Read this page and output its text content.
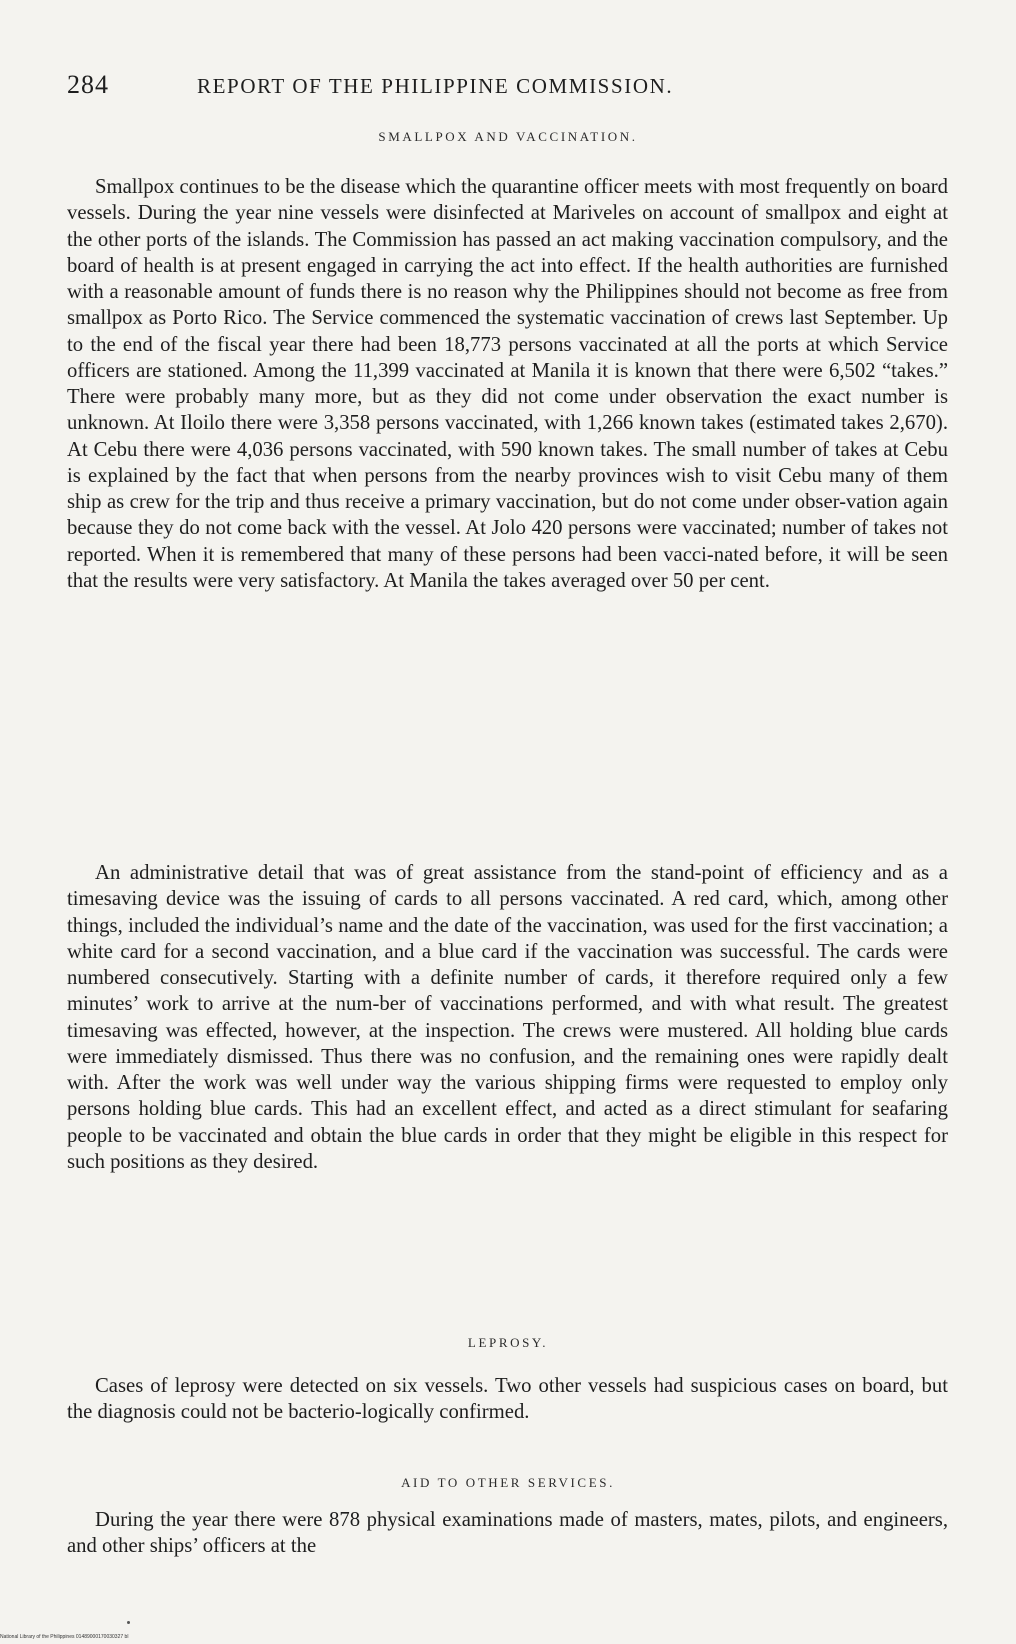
284	REPORT OF THE PHILIPPINE COMMISSION.
SMALLPOX AND VACCINATION.

Smallpox continues to be the disease which the quarantine officer meets with most frequently on board vessels. During the year nine vessels were disinfected at Mariveles on account of smallpox and eight at the other ports of the islands. The Commission has passed an act making vaccination compulsory, and the board of health is at present engaged in carrying the act into effect. If the health authorities are furnished with a reasonable amount of funds there is no reason why the Philippines should not become as free from smallpox as Porto Rico. The Service commenced the systematic vaccination of crews last September. Up to the end of the fiscal year there had been 18,773 persons vaccinated at all the ports at which Service officers are stationed. Among the 11,399 vaccinated at Manila it is known that there were 6,502 “takes.” There were probably many more, but as they did not come under observation the exact number is unknown. At Iloilo there were 3,358 persons vaccinated, with 1,266 known takes (estimated takes 2,670). At Cebu there were 4,036 persons vaccinated, with 590 known takes. The small number of takes at Cebu is explained by the fact that when persons from the nearby provinces wish to visit Cebu many of them ship as crew for the trip and thus receive a primary vaccination, but do not come under obser-vation again because they do not come back with the vessel. At Jolo 420 persons were vaccinated; number of takes not reported. When it is remembered that many of these persons had been vacci-nated before, it will be seen that the results were very satisfactory. At Manila the takes averaged over 50 per cent.

An administrative detail that was of great assistance from the stand-point of efficiency and as a timesaving device was the issuing of cards to all persons vaccinated. A red card, which, among other things, included the individual’s name and the date of the vaccination, was used for the first vaccination; a white card for a second vaccination, and a blue card if the vaccination was successful. The cards were numbered consecutively. Starting with a definite number of cards, it therefore required only a few minutes’ work to arrive at the num-ber of vaccinations performed, and with what result. The greatest timesaving was effected, however, at the inspection. The crews were mustered. All holding blue cards were immediately dismissed. Thus there was no confusion, and the remaining ones were rapidly dealt with. After the work was well under way the various shipping firms were requested to employ only persons holding blue cards. This had an excellent effect, and acted as a direct stimulant for seafaring people to be vaccinated and obtain the blue cards in order that they might be eligible in this respect for such positions as they desired.

LEPROSY.

Cases of leprosy were detected on six vessels. Two other vessels had suspicious cases on board, but the diagnosis could not be bacterio-logically confirmed.

AID TO OTHER SERVICES.

During the year there were 878 physical examinations made of masters, mates, pilots, and engineers, and other ships’ officers at the

National Library of the Philippines 01489000170030327 bl
